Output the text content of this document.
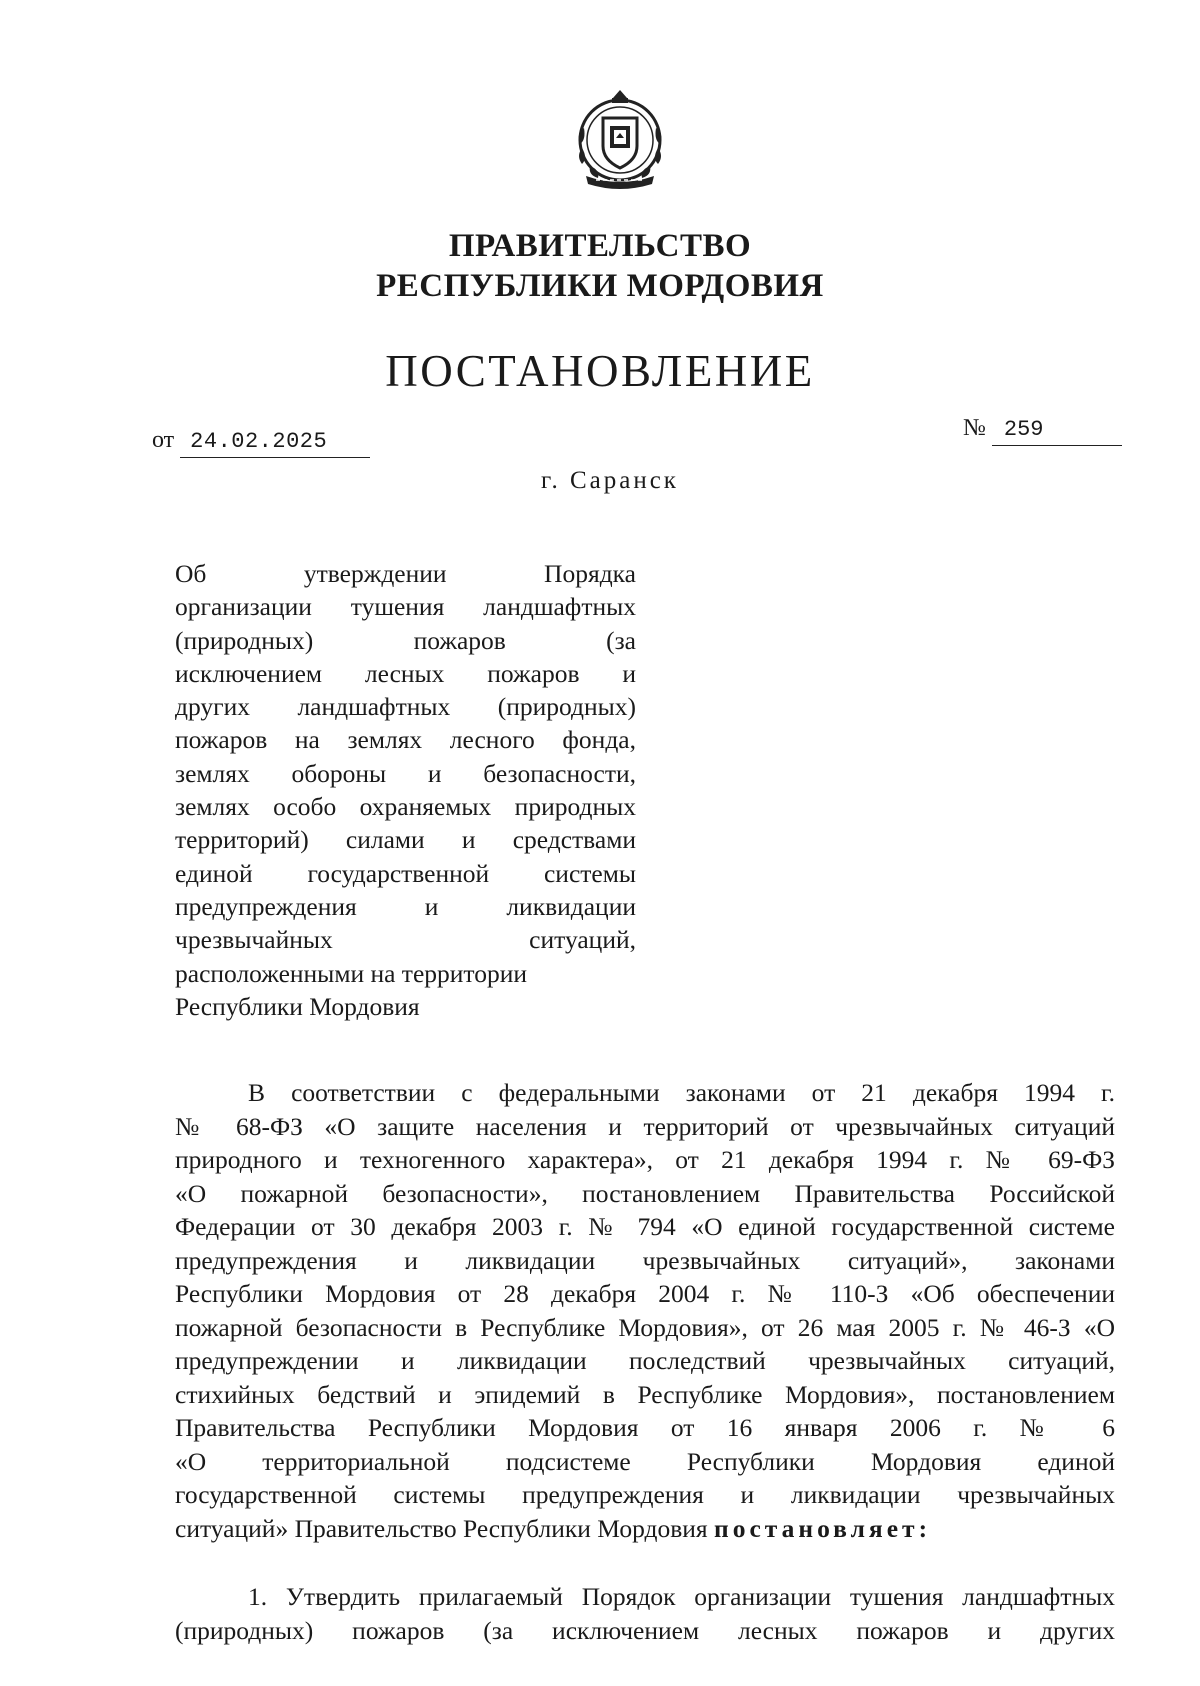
ПРАВИТЕЛЬСТВО
РЕСПУБЛИКИ МОРДОВИЯ
ПОСТАНОВЛЕНИЕ
от 24.02.2025
№ 259
г. Саранск
Об утверждении Порядка
организации тушения ландшафтных
(природных) пожаров (за
исключением лесных пожаров и
других ландшафтных (природных)
пожаров на землях лесного фонда,
землях обороны и безопасности,
землях особо охраняемых природных
территорий) силами и средствами
единой государственной системы
предупреждения и ликвидации
чрезвычайных ситуаций,
расположенными на территории
Республики Мордовия
В соответствии с федеральными законами от 21 декабря 1994 г.
№ 68-ФЗ «О защите населения и территорий от чрезвычайных ситуаций
природного и техногенного характера», от 21 декабря 1994 г. № 69-ФЗ
«О пожарной безопасности», постановлением Правительства Российской
Федерации от 30 декабря 2003 г. № 794 «О единой государственной системе
предупреждения и ликвидации чрезвычайных ситуаций», законами
Республики Мордовия от 28 декабря 2004 г. № 110-З «Об обеспечении
пожарной безопасности в Республике Мордовия», от 26 мая 2005 г. № 46-З «О
предупреждении и ликвидации последствий чрезвычайных ситуаций,
стихийных бедствий и эпидемий в Республике Мордовия», постановлением
Правительства Республики Мордовия от 16 января 2006 г. № 6
«О территориальной подсистеме Республики Мордовия единой
государственной системы предупреждения и ликвидации чрезвычайных
ситуаций» Правительство Республики Мордовия постановляет:
1. Утвердить прилагаемый Порядок организации тушения ландшафтных
(природных) пожаров (за исключением лесных пожаров и других
